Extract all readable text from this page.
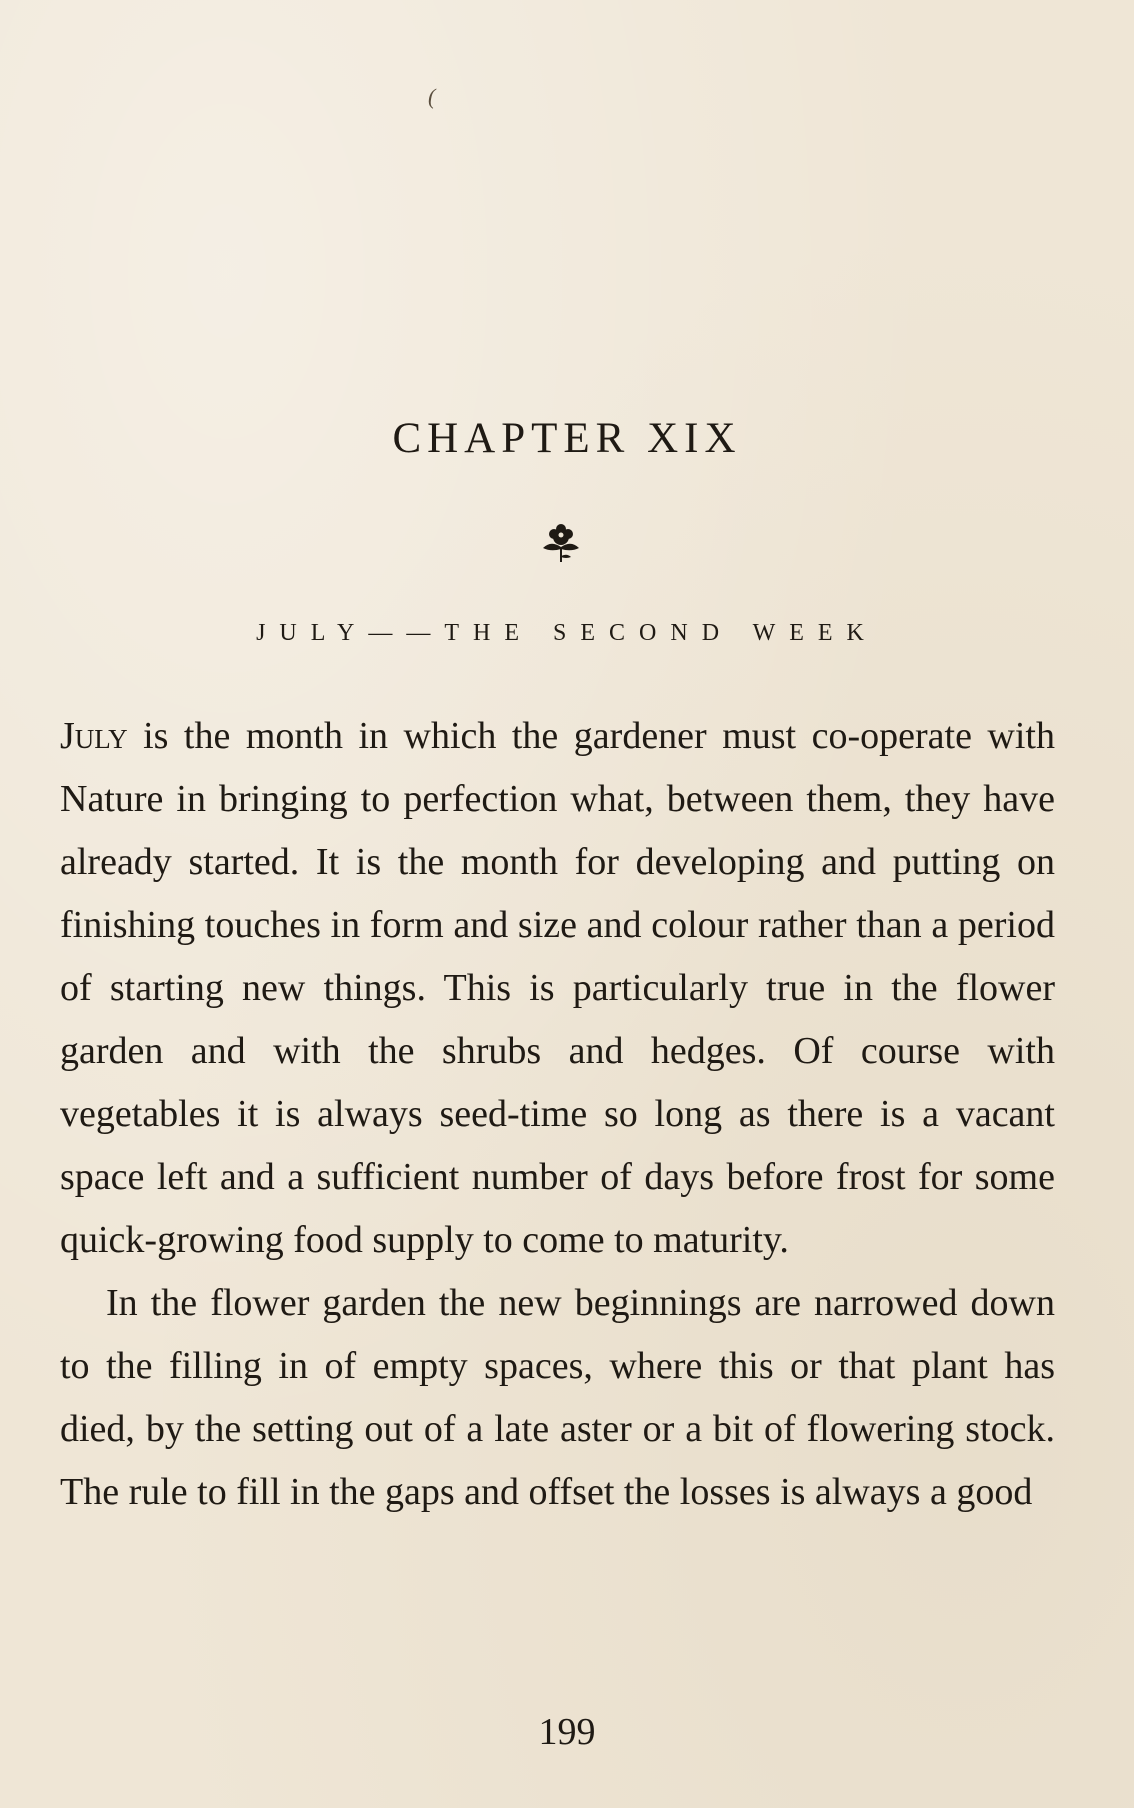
(
CHAPTER XIX
JULY——THE SECOND WEEK

July is the month in which the gardener must co-operate with Nature in bringing to perfection what, between them, they have already started. It is the month for developing and putting on finishing touches in form and size and colour rather than a period of starting new things. This is particularly true in the flower garden and with the shrubs and hedges. Of course with vegetables it is always seed-time so long as there is a vacant space left and a sufficient number of days before frost for some quick-growing food supply to come to maturity.

In the flower garden the new beginnings are narrowed down to the filling in of empty spaces, where this or that plant has died, by the setting out of a late aster or a bit of flowering stock. The rule to fill in the gaps and offset the losses is always a good

199
